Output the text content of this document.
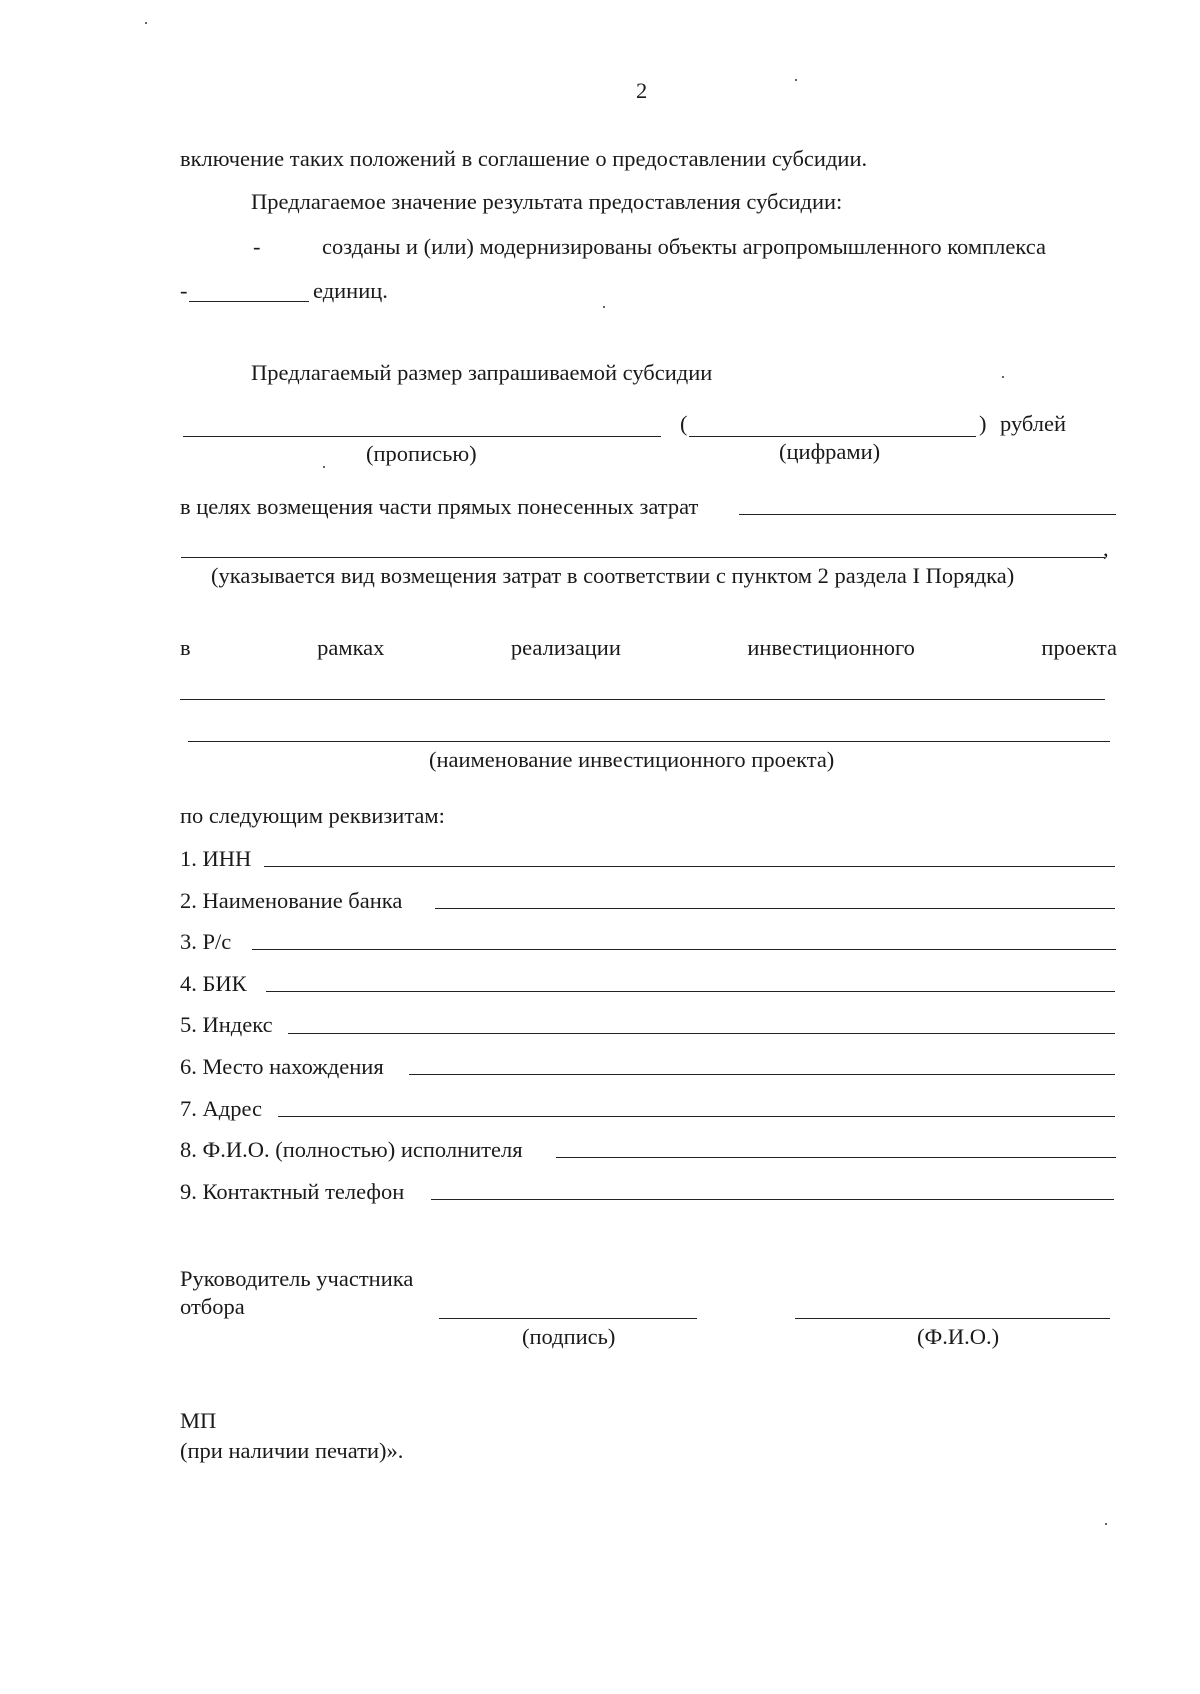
2
включение таких положений в соглашение о предоставлении субсидии.
Предлагаемое значение результата предоставления субсидии:
-	созданы и (или) модернизированы объекты агропромышленного комплекса
-	единиц.
Предлагаемый размер запрашиваемой субсидии
(	) рублей
(прописью)	(цифрами)
в целях возмещения части прямых понесенных затрат
,
(указывается вид возмещения затрат в соответствии с пунктом 2 раздела I Порядка)
в	рамках	реализации	инвестиционного	проекта
(наименование инвестиционного проекта)
по следующим реквизитам:
1. ИНН
2. Наименование банка
3. Р/с
4. БИК
5. Индекс
6. Место нахождения
7. Адрес
8. Ф.И.О. (полностью) исполнителя
9. Контактный телефон
Руководитель участника
отбора
(подпись)	(Ф.И.О.)
МП
(при наличии печати)».
